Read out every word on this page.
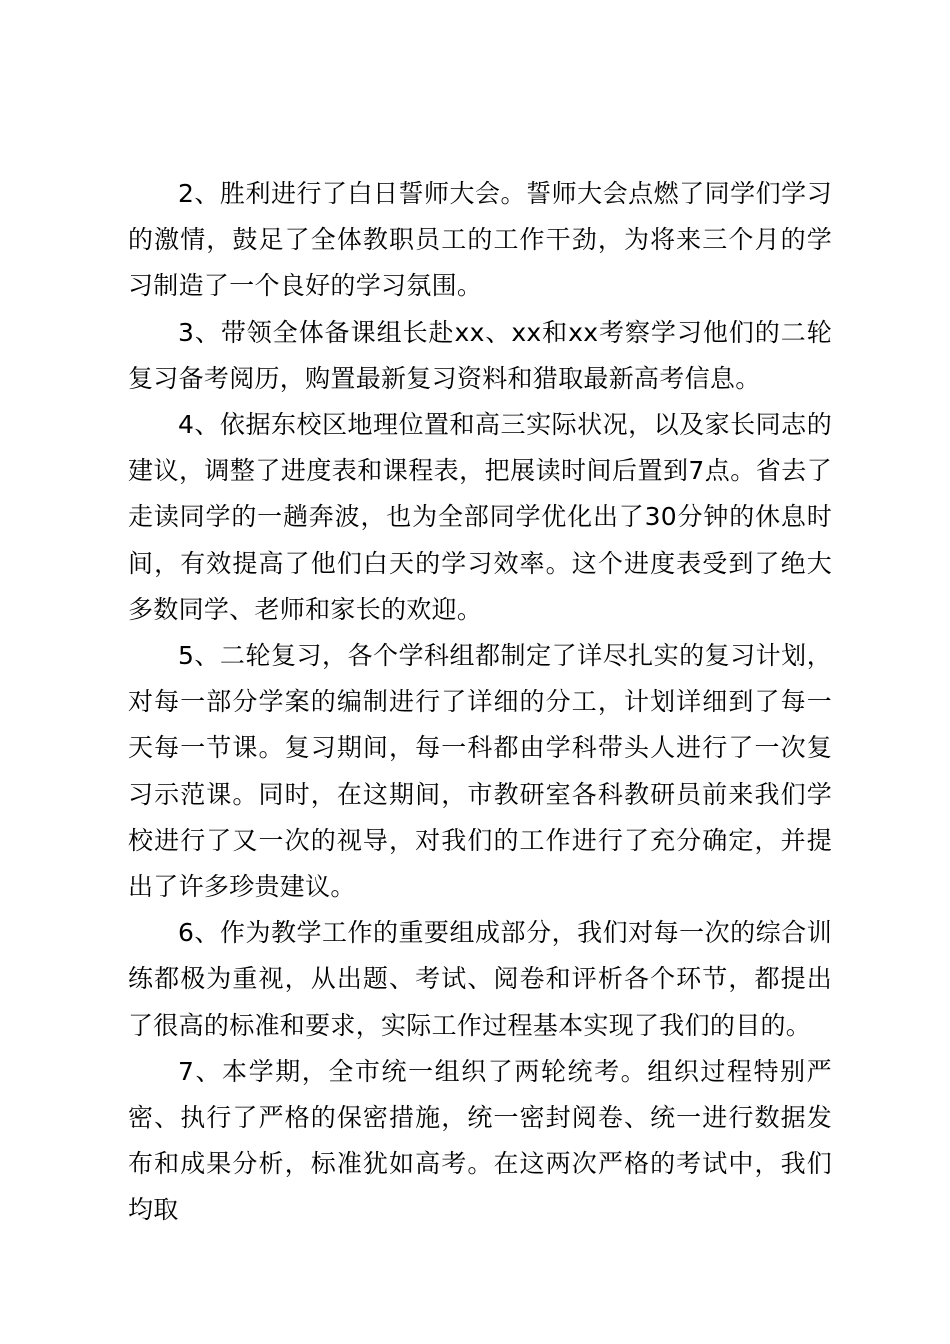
2、胜利进行了白日誓师大会。誓师大会点燃了同学们学习的激情，鼓足了全体教职员工的工作干劲，为将来三个月的学习制造了一个良好的学习氛围。

3、带领全体备课组长赴xx、xx和xx考察学习他们的二轮复习备考阅历，购置最新复习资料和猎取最新高考信息。

4、依据东校区地理位置和高三实际状况，以及家长同志的建议，调整了进度表和课程表，把展读时间后置到7点。省去了走读同学的一趟奔波，也为全部同学优化出了30分钟的休息时间，有效提高了他们白天的学习效率。这个进度表受到了绝大多数同学、老师和家长的欢迎。

5、二轮复习，各个学科组都制定了详尽扎实的复习计划，对每一部分学案的编制进行了详细的分工，计划详细到了每一天每一节课。复习期间，每一科都由学科带头人进行了一次复习示范课。同时，在这期间，市教研室各科教研员前来我们学校进行了又一次的视导，对我们的工作进行了充分确定，并提出了许多珍贵建议。

6、作为教学工作的重要组成部分，我们对每一次的综合训练都极为重视，从出题、考试、阅卷和评析各个环节，都提出了很高的标准和要求，实际工作过程基本实现了我们的目的。

7、本学期，全市统一组织了两轮统考。组织过程特别严密、执行了严格的保密措施，统一密封阅卷、统一进行数据发布和成果分析，标准犹如高考。在这两次严格的考试中，我们均取
